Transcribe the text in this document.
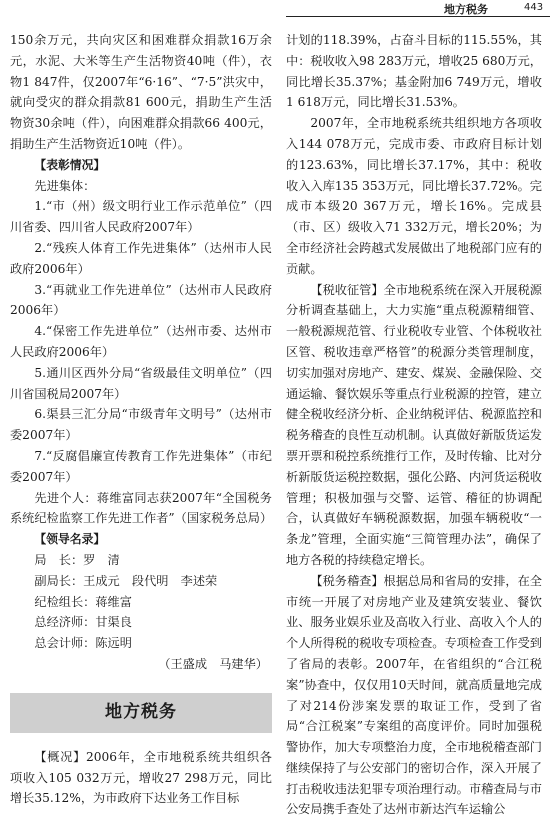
地方税务	443

150余万元，共向灾区和困难群众捐款16万余元，水泥、大米等生产生活物资40吨（件），衣物1 847件，仅2007年“6·16”、“7·5”洪灾中，就向受灾的群众捐款81 600元，捐助生产生活物资30余吨（件），向困难群众捐款66 400元，捐助生产生活物资近10吨（件）。

【表彰情况】

先进集体：

1.“市（州）级文明行业工作示范单位”（四川省委、四川省人民政府2007年）

2.“残疾人体育工作先进集体”（达州市人民政府2006年）

3.“再就业工作先进单位”（达州市人民政府2006年）

4.“保密工作先进单位”（达州市委、达州市人民政府2006年）

5.通川区西外分局“省级最佳文明单位”（四川省国税局2007年）

6.渠县三汇分局“市级青年文明号”（达州市委2007年）

7.“反腐倡廉宣传教育工作先进集体”（市纪委2007年）

先进个人：蒋维富同志获2007年“全国税务系统纪检监察工作先进工作者”（国家税务总局）

【领导名录】

局　长：罗　清

副局长：王成元　段代明　李述荣

纪检组长：蒋维富

总经济师：甘渠良

总会计师：陈远明

（王盛成　马建华）

地方税务

【概况】2006年，全市地税系统共组织各项收入105 032万元，增收27 298万元，同比增长35.12%，为市政府下达业务工作目标

计划的118.39%，占奋斗目标的115.55%，其中：税收收入98 283万元，增收25 680万元，同比增长35.37%；基金附加6 749万元，增收1 618万元，同比增长31.53%。

2007年，全市地税系统共组织地方各项收入144 078万元，完成市委、市政府目标计划的123.63%，同比增长37.17%，其中：税收收入入库135 353万元，同比增长37.72%。完成市本级20 367万元，增长16%。完成县（市、区）级收入71 332万元，增长20%；为全市经济社会跨越式发展做出了地税部门应有的贡献。

【税收征管】全市地税系统在深入开展税源分析调查基础上，大力实施“重点税源精细管、一般税源规范管、行业税收专业管、个体税收社区管、税收违章严格管”的税源分类管理制度，切实加强对房地产、建安、煤炭、金融保险、交通运输、餐饮娱乐等重点行业税源的控管，建立健全税收经济分析、企业纳税评估、税源监控和税务稽查的良性互动机制。认真做好新版货运发票开票和税控系统推行工作，及时传输、比对分析新版货运税控数据，强化公路、内河货运税收管理；积极加强与交警、运管、稽征的协调配合，认真做好车辆税源数据，加强车辆税收“一条龙”管理，全面实施“三简管理办法”，确保了地方各税的持续稳定增长。

【税务稽查】根据总局和省局的安排，在全市统一开展了对房地产业及建筑安装业、餐饮业、服务业娱乐业及高收入行业、高收入个人的个人所得税的税收专项检查。专项检查工作受到了省局的表彰。2007年，在省组织的“合江税案”协查中，仅仅用10天时间，就高质量地完成了对214份涉案发票的取证工作，受到了省局“合江税案”专案组的高度评价。同时加强税警协作，加大专项整治力度，全市地税稽查部门继续保持了与公安部门的密切合作，深入开展了打击税收违法犯罪专项治理行动。市稽查局与市公安局携手查处了达州市新达汽车运输公
